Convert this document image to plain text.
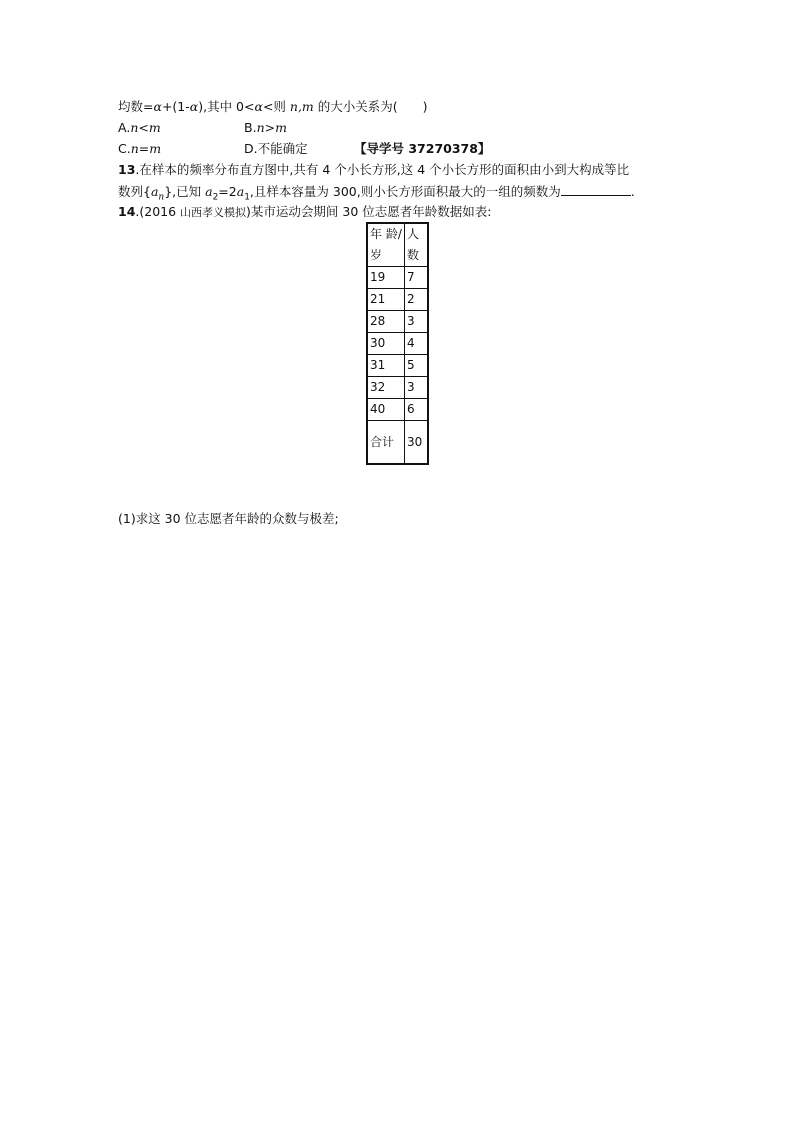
均数=α+(1-α),其中 0<α<则 n,m 的大小关系为(　　)
A.n<m	B.n>m
C.n=m	D.不能确定	【导学号 37270378】
13.在样本的频率分布直方图中,共有 4 个小长方形,这 4 个小长方形的面积由小到大构成等比
数列$\{a_n\}$,已知 $a_2=2a_1$,且样本容量为 300,则小长方形面积最大的一组的频数为	.
14.(2016 山西孝义模拟)某市运动会期间 30 位志愿者年龄数据如表:
年 龄/岁	人数
19	7
21	2
28	3
30	4
31	5
32	3
40	6
合计	30
(1)求这 30 位志愿者年龄的众数与极差;
